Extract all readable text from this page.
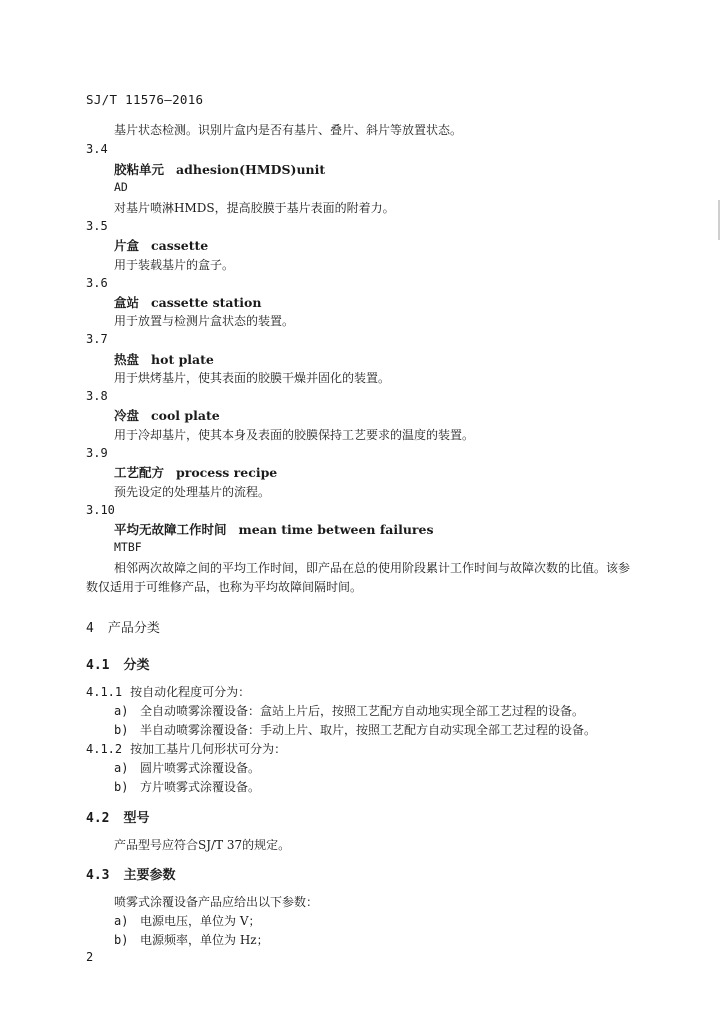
SJ/T 11576—2016
基片状态检测。识别片盒内是否有基片、叠片、斜片等放置状态。
3.4
胶粘单元 adhesion(HMDS)unit
AD
对基片喷淋HMDS，提高胶膜于基片表面的附着力。
3.5
片盒 cassette
用于装载基片的盒子。
3.6
盒站 cassette station
用于放置与检测片盒状态的装置。
3.7
热盘 hot plate
用于烘烤基片，使其表面的胶膜干燥并固化的装置。
3.8
冷盘 cool plate
用于冷却基片，使其本身及表面的胶膜保持工艺要求的温度的装置。
3.9
工艺配方 process recipe
预先设定的处理基片的流程。
3.10
平均无故障工作时间 mean time between failures
MTBF
相邻两次故障之间的平均工作时间，即产品在总的使用阶段累计工作时间与故障次数的比值。该参
数仅适用于可维修产品，也称为平均故障间隔时间。
4 产品分类
4.1 分类
4.1.1 按自动化程度可分为：
a) 全自动喷雾涂覆设备：盒站上片后，按照工艺配方自动地实现全部工艺过程的设备。
b) 半自动喷雾涂覆设备：手动上片、取片，按照工艺配方自动实现全部工艺过程的设备。
4.1.2 按加工基片几何形状可分为：
a) 圆片喷雾式涂覆设备。
b) 方片喷雾式涂覆设备。
4.2 型号
产品型号应符合SJ/T 37的规定。
4.3 主要参数
喷雾式涂覆设备产品应给出以下参数：
a) 电源电压，单位为 V；
b) 电源频率，单位为 Hz；
2
